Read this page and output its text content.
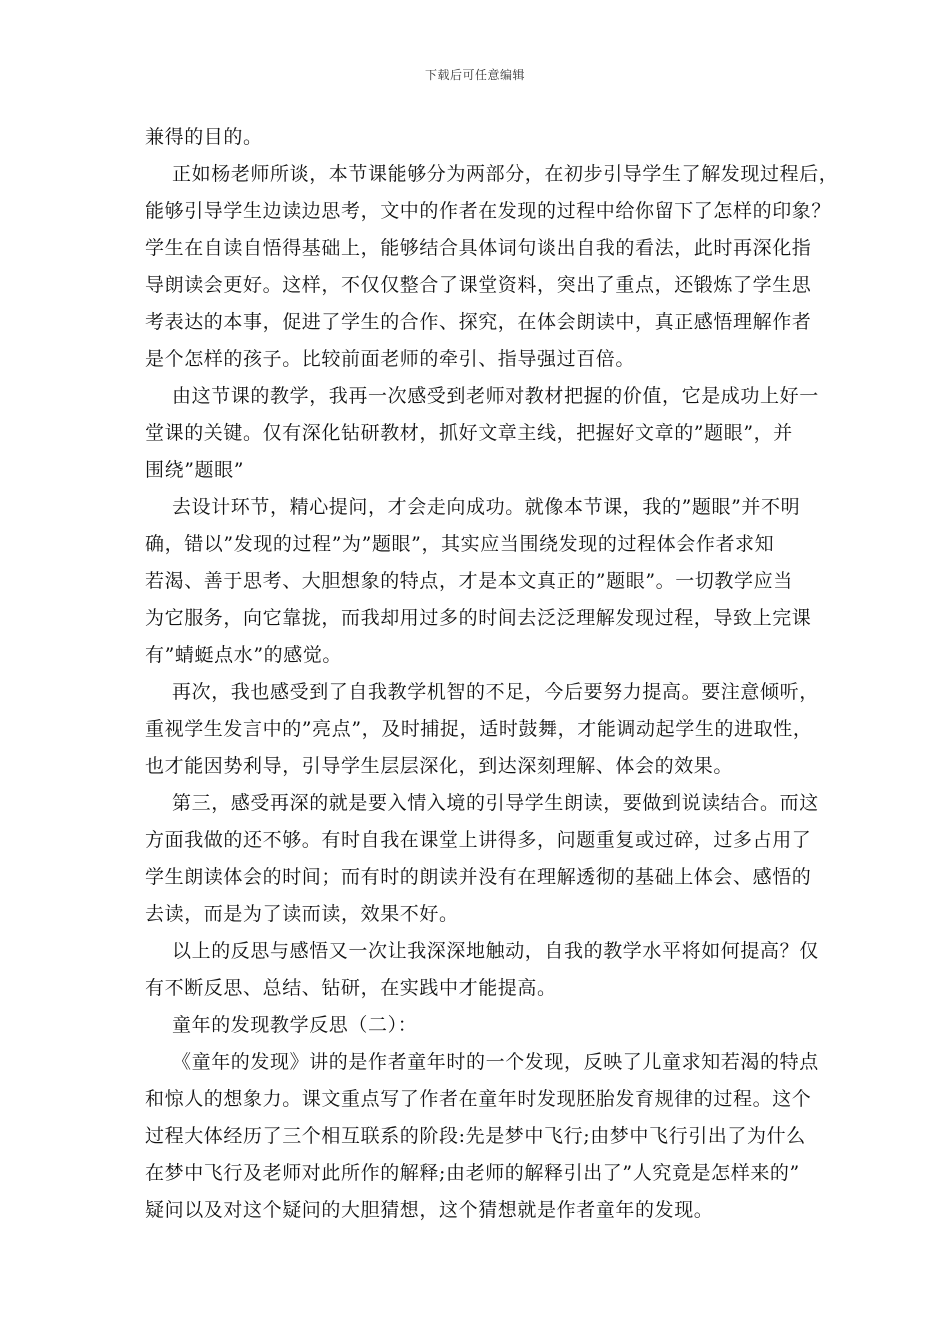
下载后可任意编辑
兼得的目的。
正如杨老师所谈，本节课能够分为两部分，在初步引导学生了解发现过程后，
能够引导学生边读边思考，文中的作者在发现的过程中给你留下了怎样的印象？
学生在自读自悟得基础上，能够结合具体词句谈出自我的看法，此时再深化指
导朗读会更好。这样，不仅仅整合了课堂资料，突出了重点，还锻炼了学生思
考表达的本事，促进了学生的合作、探究，在体会朗读中，真正感悟理解作者
是个怎样的孩子。比较前面老师的牵引、指导强过百倍。
由这节课的教学，我再一次感受到老师对教材把握的价值，它是成功上好一
堂课的关键。仅有深化钻研教材，抓好文章主线，把握好文章的”题眼”，并
围绕”题眼”
去设计环节，精心提问，才会走向成功。就像本节课，我的”题眼”并不明
确，错以”发现的过程”为”题眼”，其实应当围绕发现的过程体会作者求知
若渴、善于思考、大胆想象的特点，才是本文真正的”题眼”。一切教学应当
为它服务，向它靠拢，而我却用过多的时间去泛泛理解发现过程，导致上完课
有”蜻蜓点水”的感觉。
再次，我也感受到了自我教学机智的不足，今后要努力提高。要注意倾听，
重视学生发言中的”亮点”，及时捕捉，适时鼓舞，才能调动起学生的进取性，
也才能因势利导，引导学生层层深化，到达深刻理解、体会的效果。
第三，感受再深的就是要入情入境的引导学生朗读，要做到说读结合。而这
方面我做的还不够。有时自我在课堂上讲得多，问题重复或过碎，过多占用了
学生朗读体会的时间；而有时的朗读并没有在理解透彻的基础上体会、感悟的
去读，而是为了读而读，效果不好。
以上的反思与感悟又一次让我深深地触动，自我的教学水平将如何提高？仅
有不断反思、总结、钻研，在实践中才能提高。
童年的发现教学反思（二）：
《童年的发现》讲的是作者童年时的一个发现，反映了儿童求知若渴的特点
和惊人的想象力。课文重点写了作者在童年时发现胚胎发育规律的过程。这个
过程大体经历了三个相互联系的阶段:先是梦中飞行;由梦中飞行引出了为什么
在梦中飞行及老师对此所作的解释;由老师的解释引出了”人究竟是怎样来的”
疑问以及对这个疑问的大胆猜想，这个猜想就是作者童年的发现。
